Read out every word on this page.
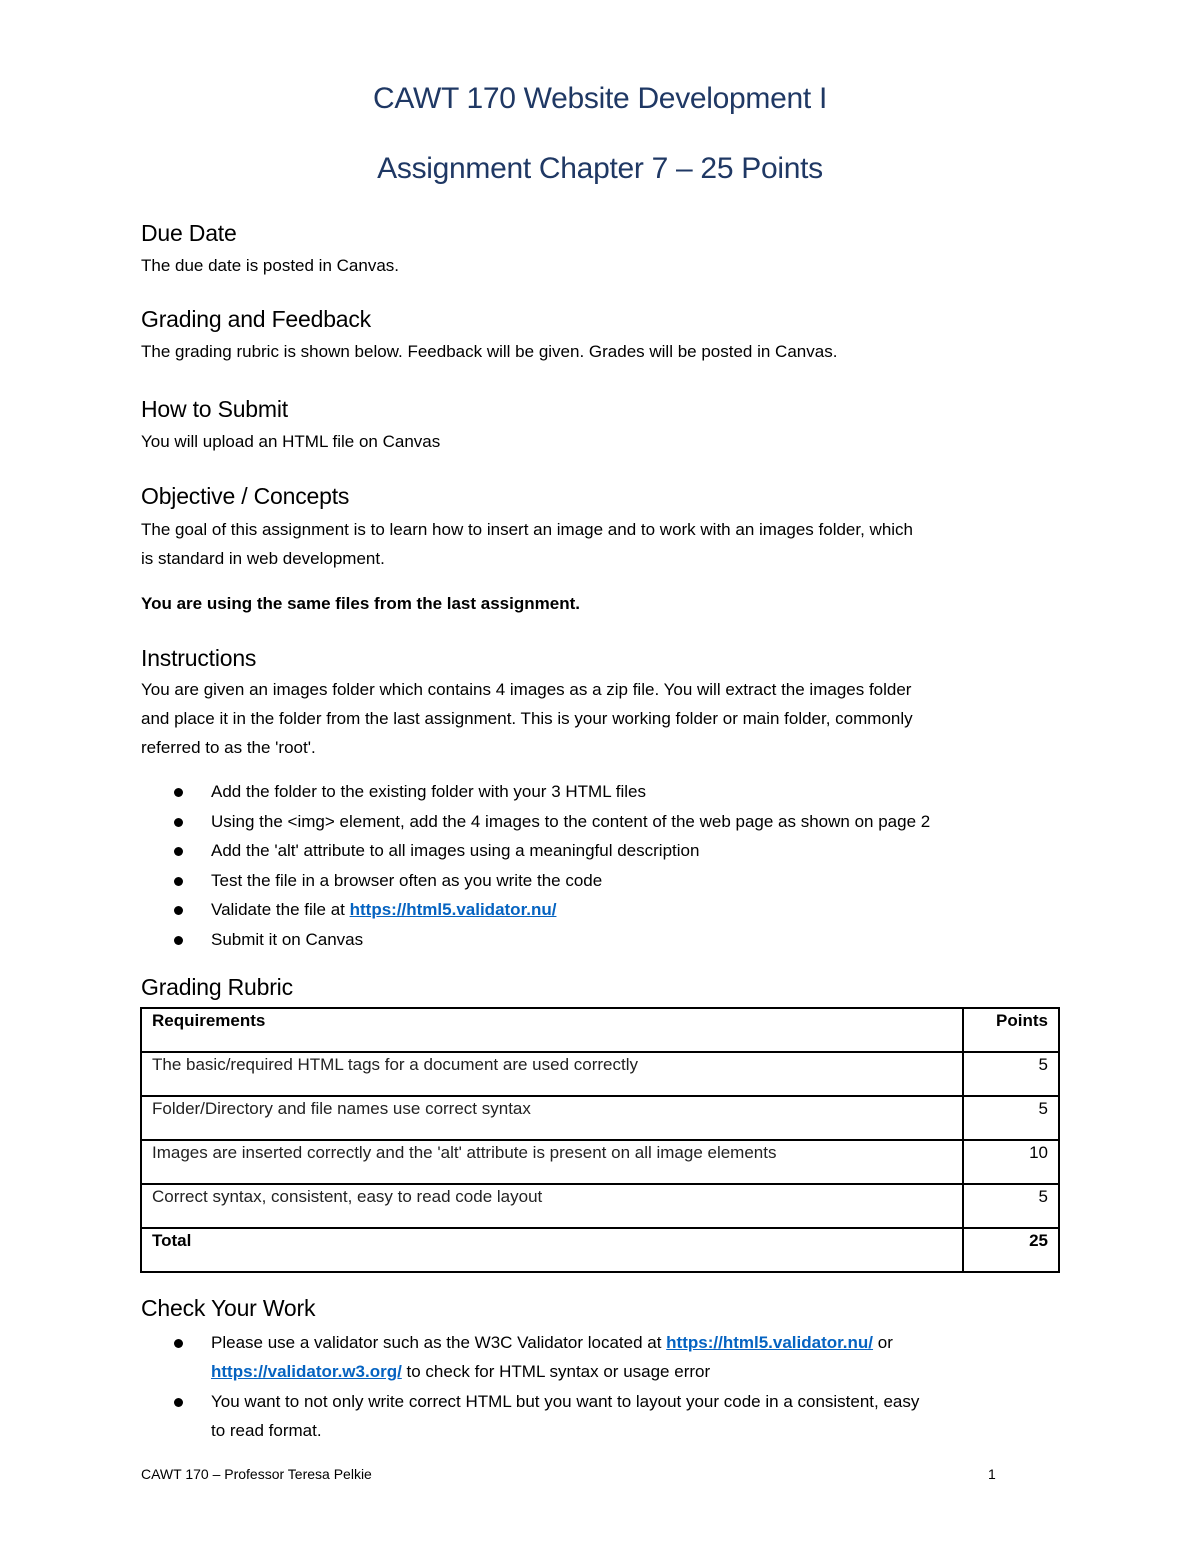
CAWT 170 Website Development I
Assignment Chapter 7 – 25 Points
Due Date
The due date is posted in Canvas.
Grading and Feedback
The grading rubric is shown below. Feedback will be given. Grades will be posted in Canvas.
How to Submit
You will upload an HTML file on Canvas
Objective / Concepts
The goal of this assignment is to learn how to insert an image and to work with an images folder, which
is standard in web development.
You are using the same files from the last assignment.
Instructions
You are given an images folder which contains 4 images as a zip file. You will extract the images folder
and place it in the folder from the last assignment. This is your working folder or main folder, commonly
referred to as the 'root'.
Add the folder to the existing folder with your 3 HTML files
Using the <img> element, add the 4 images to the content of the web page as shown on page 2
Add the 'alt' attribute to all images using a meaningful description
Test the file in a browser often as you write the code
Validate the file at https://html5.validator.nu/
Submit it on Canvas
Grading Rubric
Requirements	Points
The basic/required HTML tags for a document are used correctly	5
Folder/Directory and file names use correct syntax	5
Images are inserted correctly and the 'alt' attribute is present on all image elements	10
Correct syntax, consistent, easy to read code layout	5
Total	25
Check Your Work
Please use a validator such as the W3C Validator located at https://html5.validator.nu/ or
https://validator.w3.org/ to check for HTML syntax or usage error
You want to not only write correct HTML but you want to layout your code in a consistent, easy
to read format.
CAWT 170 – Professor Teresa Pelkie	1
